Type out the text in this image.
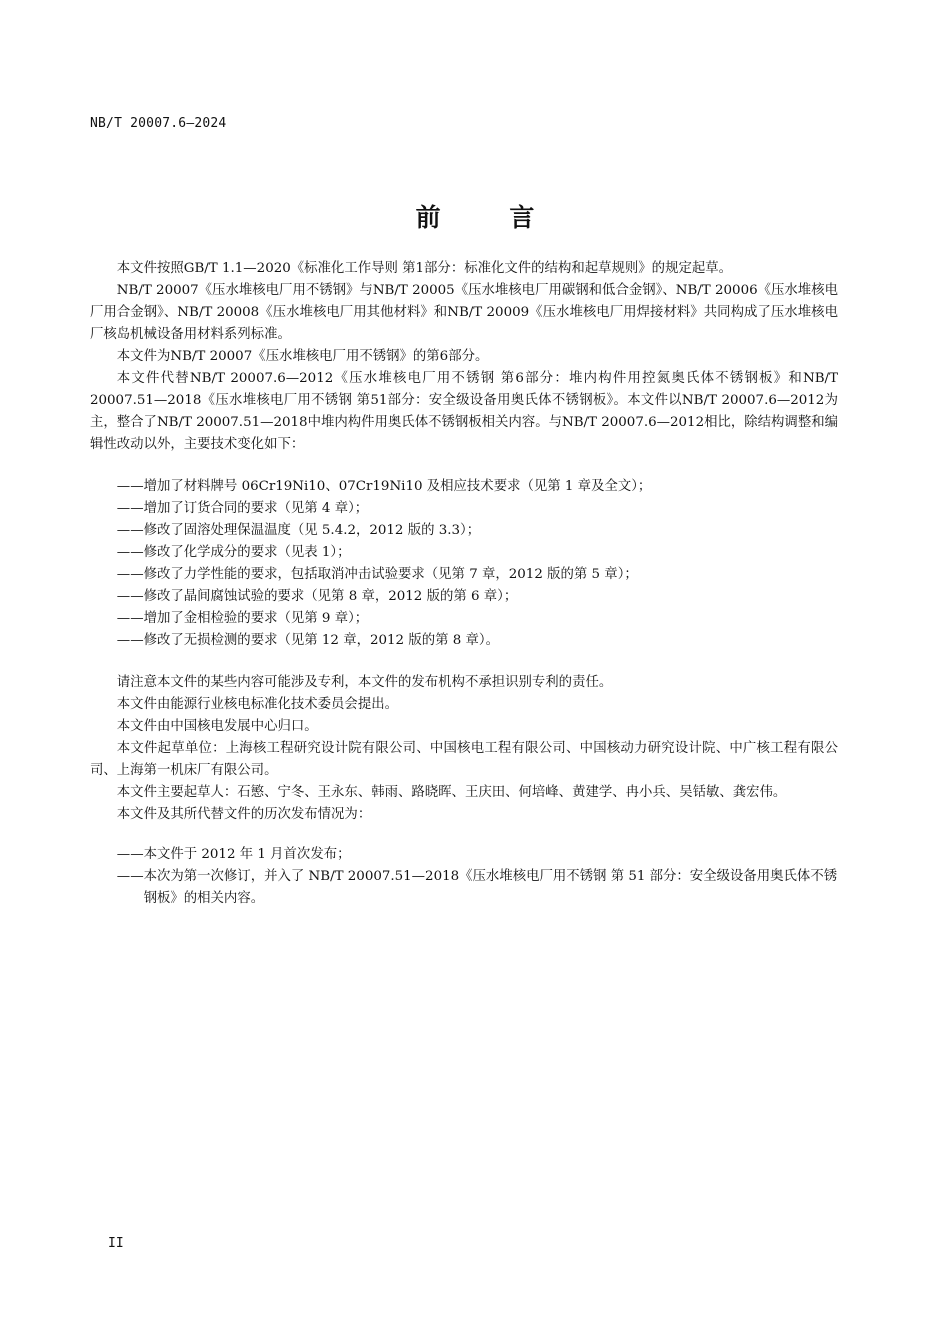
NB/T 20007.6—2024
前 言

本文件按照GB/T 1.1—2020《标准化工作导则 第1部分：标准化文件的结构和起草规则》的规定起草。

NB/T 20007《压水堆核电厂用不锈钢》与NB/T 20005《压水堆核电厂用碳钢和低合金钢》、NB/T 20006《压水堆核电厂用合金钢》、NB/T 20008《压水堆核电厂用其他材料》和NB/T 20009《压水堆核电厂用焊接材料》共同构成了压水堆核电厂核岛机械设备用材料系列标准。

本文件为NB/T 20007《压水堆核电厂用不锈钢》的第6部分。

本文件代替NB/T 20007.6—2012《压水堆核电厂用不锈钢 第6部分：堆内构件用控氮奥氏体不锈钢板》和NB/T 20007.51—2018《压水堆核电厂用不锈钢 第51部分：安全级设备用奥氏体不锈钢板》。本文件以NB/T 20007.6—2012为主，整合了NB/T 20007.51—2018中堆内构件用奥氏体不锈钢板相关内容。与NB/T 20007.6—2012相比，除结构调整和编辑性改动以外，主要技术变化如下：

——增加了材料牌号 06Cr19Ni10、07Cr19Ni10 及相应技术要求（见第 1 章及全文）；

——增加了订货合同的要求（见第 4 章）；

——修改了固溶处理保温温度（见 5.4.2，2012 版的 3.3）；

——修改了化学成分的要求（见表 1）；

——修改了力学性能的要求，包括取消冲击试验要求（见第 7 章，2012 版的第 5 章）；

——修改了晶间腐蚀试验的要求（见第 8 章，2012 版的第 6 章）；

——增加了金相检验的要求（见第 9 章）；

——修改了无损检测的要求（见第 12 章，2012 版的第 8 章）。

请注意本文件的某些内容可能涉及专利，本文件的发布机构不承担识别专利的责任。

本文件由能源行业核电标准化技术委员会提出。

本文件由中国核电发展中心归口。

本文件起草单位：上海核工程研究设计院有限公司、中国核电工程有限公司、中国核动力研究设计院、中广核工程有限公司、上海第一机床厂有限公司。

本文件主要起草人：石慜、宁冬、王永东、韩雨、路晓晖、王庆田、何培峰、黄建学、冉小兵、吴铦敏、龚宏伟。

本文件及其所代替文件的历次发布情况为：

——本文件于 2012 年 1 月首次发布；

——本次为第一次修订，并入了 NB/T 20007.51—2018《压水堆核电厂用不锈钢 第 51 部分：安全级设备用奥氏体不锈钢板》的相关内容。

II
